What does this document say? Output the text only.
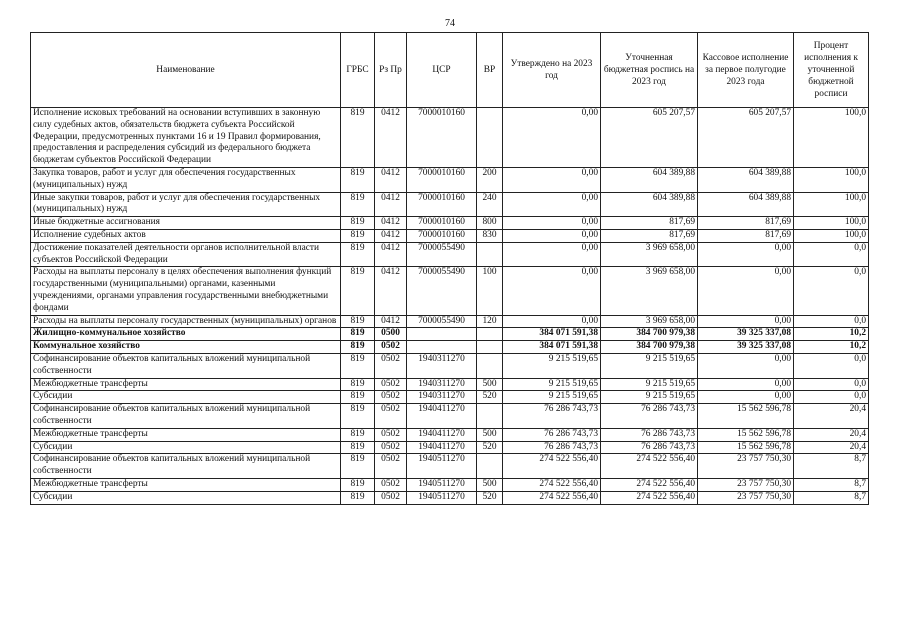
74
Наименование	ГРБС	Рз Пр	ЦСР	ВР	Утверждено на 2023 год	Уточненная бюджетная роспись на 2023 год	Кассовое исполнение за первое полугодие 2023 года	Процент исполнения к уточненной бюджетной росписи
Исполнение исковых требований на основании вступивших в законную силу судебных актов, обязательств бюджета субъекта Российской Федерации, предусмотренных пунктами 16 и 19 Правил формирования, предоставления и распределения субсидий из федерального бюджета бюджетам субъектов Российской Федерации	819	0412	7000010160		0,00	605 207,57	605 207,57	100,0
Закупка товаров, работ и услуг для обеспечения государственных (муниципальных) нужд	819	0412	7000010160	200	0,00	604 389,88	604 389,88	100,0
Иные закупки товаров, работ и услуг для обеспечения государственных (муниципальных) нужд	819	0412	7000010160	240	0,00	604 389,88	604 389,88	100,0
Иные бюджетные ассигнования	819	0412	7000010160	800	0,00	817,69	817,69	100,0
Исполнение судебных актов	819	0412	7000010160	830	0,00	817,69	817,69	100,0
Достижение показателей деятельности органов исполнительной власти субъектов Российской Федерации	819	0412	7000055490		0,00	3 969 658,00	0,00	0,0
Расходы на выплаты персоналу в целях обеспечения выполнения функций государственными (муниципальными) органами, казенными учреждениями, органами управления государственными внебюджетными фондами	819	0412	7000055490	100	0,00	3 969 658,00	0,00	0,0
Расходы на выплаты персоналу государственных (муниципальных) органов	819	0412	7000055490	120	0,00	3 969 658,00	0,00	0,0
Жилищно-коммунальное хозяйство	819	0500			384 071 591,38	384 700 979,38	39 325 337,08	10,2
Коммунальное хозяйство	819	0502			384 071 591,38	384 700 979,38	39 325 337,08	10,2
Софинансирование объектов капитальных вложений муниципальной собственности	819	0502	1940311270		9 215 519,65	9 215 519,65	0,00	0,0
Межбюджетные трансферты	819	0502	1940311270	500	9 215 519,65	9 215 519,65	0,00	0,0
Субсидии	819	0502	1940311270	520	9 215 519,65	9 215 519,65	0,00	0,0
Софинансирование объектов капитальных вложений муниципальной собственности	819	0502	1940411270		76 286 743,73	76 286 743,73	15 562 596,78	20,4
Межбюджетные трансферты	819	0502	1940411270	500	76 286 743,73	76 286 743,73	15 562 596,78	20,4
Субсидии	819	0502	1940411270	520	76 286 743,73	76 286 743,73	15 562 596,78	20,4
Софинансирование объектов капитальных вложений муниципальной собственности	819	0502	1940511270		274 522 556,40	274 522 556,40	23 757 750,30	8,7
Межбюджетные трансферты	819	0502	1940511270	500	274 522 556,40	274 522 556,40	23 757 750,30	8,7
Субсидии	819	0502	1940511270	520	274 522 556,40	274 522 556,40	23 757 750,30	8,7
